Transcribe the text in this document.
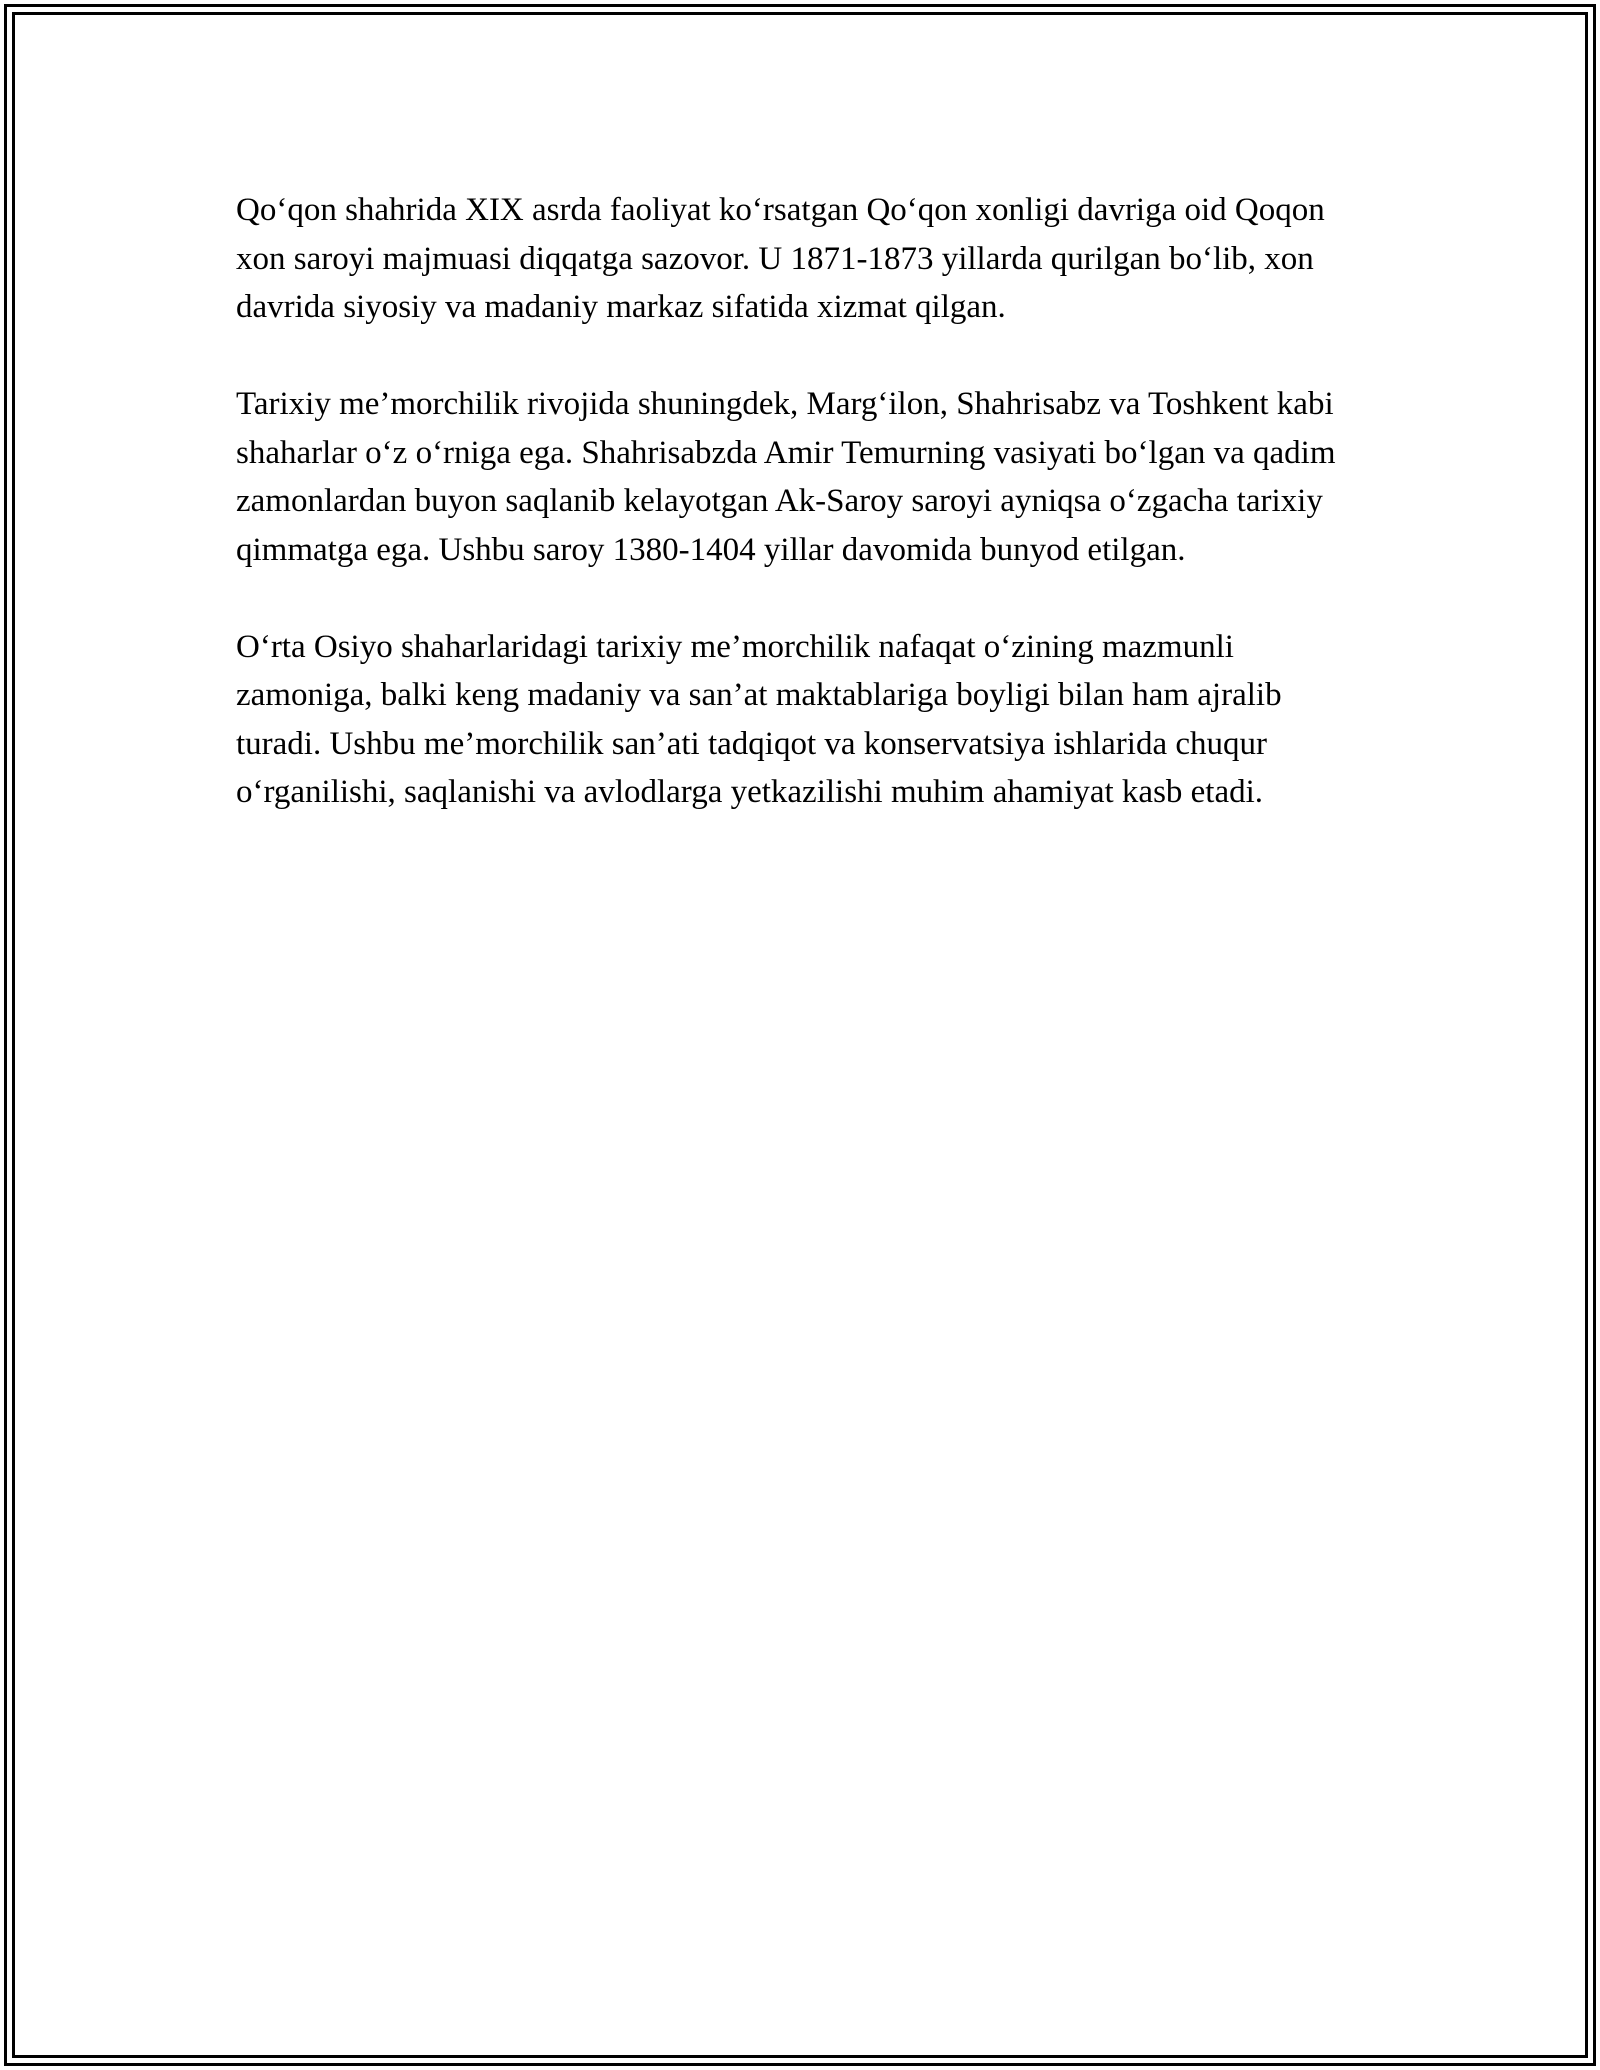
Qo‘qon shahrida XIX asrda faoliyat ko‘rsatgan Qo‘qon xonligi davriga oid Qoqon xon saroyi majmuasi diqqatga sazovor. U 1871-1873 yillarda qurilgan bo‘lib, xon davrida siyosiy va madaniy markaz sifatida xizmat qilgan.

Tarixiy me’morchilik rivojida shuningdek, Marg‘ilon, Shahrisabz va Toshkent kabi shaharlar o‘z o‘rniga ega. Shahrisabzda Amir Temurning vasiyati bo‘lgan va qadim zamonlardan buyon saqlanib kelayotgan Ak-Saroy saroyi ayniqsa o‘zgacha tarixiy qimmatga ega. Ushbu saroy 1380-1404 yillar davomida bunyod etilgan.

O‘rta Osiyo shaharlaridagi tarixiy me’morchilik nafaqat o‘zining mazmunli zamoniga, balki keng madaniy va san’at maktablariga boyligi bilan ham ajralib turadi. Ushbu me’morchilik san’ati tadqiqot va konservatsiya ishlarida chuqur o‘rganilishi, saqlanishi va avlodlarga yetkazilishi muhim ahamiyat kasb etadi.
